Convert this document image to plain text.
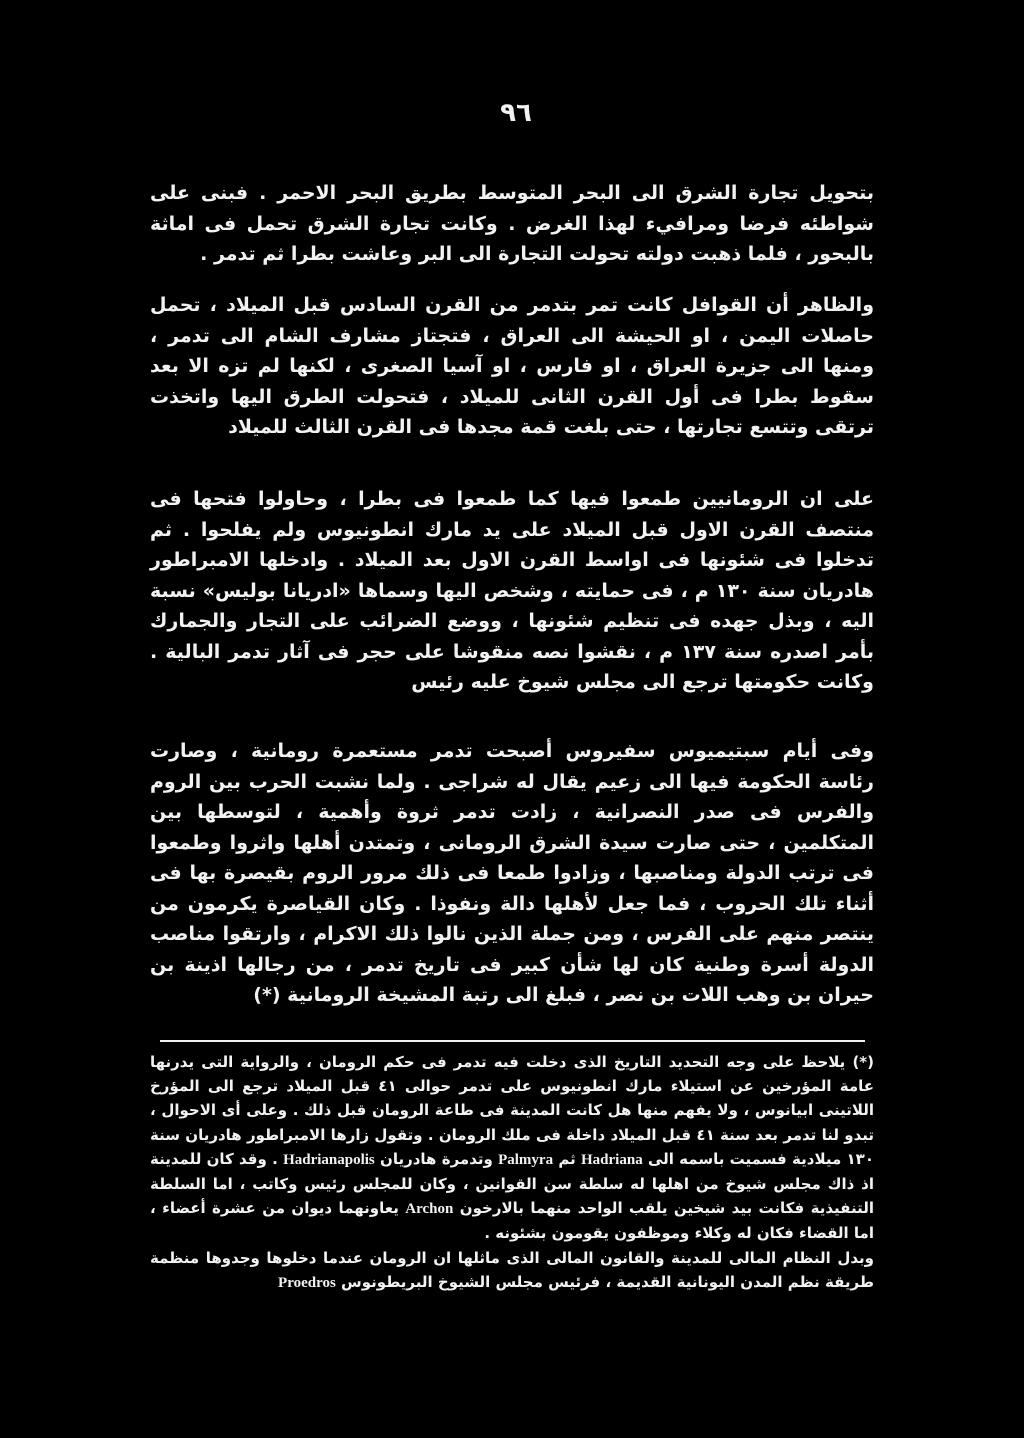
٩٦

بتحويل تجارة الشرق الى البحر المتوسط بطريق البحر الاحمر . فبنى على شواطئه فرضا ومرافيء لهذا الغرض . وكانت تجارة الشرق تحمل فى اماثة بالبحور ، فلما ذهبت دولته تحولت التجارة الى البر وعاشت بطرا ثم تدمر .

والظاهر أن القوافل كانت تمر بتدمر من القرن السادس قبل الميلاد ، تحمل حاصلات اليمن ، او الحيشة الى العراق ، فتجتاز مشارف الشام الى تدمر ، ومنها الى جزيرة العراق ، او فارس ، او آسيا الصغرى ، لكنها لم تزه الا بعد سقوط بطرا فى أول القرن الثانى للميلاد ، فتحولت الطرق اليها واتخذت ترتقى وتتسع تجارتها ، حتى بلغت قمة مجدها فى القرن الثالث للميلاد

على ان الرومانيين طمعوا فيها كما طمعوا فى بطرا ، وحاولوا فتحها فى منتصف القرن الاول قبل الميلاد على يد مارك انطونيوس ولم يفلحوا . ثم تدخلوا فى شئونها فى اواسط القرن الاول بعد الميلاد . وادخلها الامبراطور هادريان سنة ١٣٠ م ، فى حمايته ، وشخص اليها وسماها «ادريانا بوليس» نسبة اليه ، وبذل جهده فى تنظيم شئونها ، ووضع الضرائب على التجار والجمارك بأمر اصدره سنة ١٣٧ م ، نقشوا نصه منقوشا على حجر فى آثار تدمر البالية . وكانت حكومتها ترجع الى مجلس شيوخ عليه رئيس

وفى أيام سبتيميوس سفيروس أصبحت تدمر مستعمرة رومانية ، وصارت رئاسة الحكومة فيها الى زعيم يقال له شراجى . ولما نشبت الحرب بين الروم والفرس فى صدر النصرانية ، زادت تدمر ثروة وأهمية ، لتوسطها بين المتكلمين ، حتى صارت سيدة الشرق الرومانى ، وتمتدن أهلها واثروا وطمعوا فى ترتب الدولة ومناصبها ، وزادوا طمعا فى ذلك مرور الروم بقيصرة بها فى أثناء تلك الحروب ، فما جعل لأهلها دالة ونفوذا . وكان القياصرة يكرمون من ينتصر منهم على الفرس ، ومن جملة الذين نالوا ذلك الاكرام ، وارتقوا مناصب الدولة أسرة وطنية كان لها شأن كبير فى تاريخ تدمر ، من رجالها اذينة بن حيران بن وهب اللات بن نصر ، فبلغ الى رتبة المشيخة الرومانية (*)

(*) يلاحظ على وجه التحديد التاريخ الذى دخلت فيه تدمر فى حكم الرومان ، والرواية التى يدرنها عامة المؤرخين عن استيلاء مارك انطونيوس على تدمر حوالى ٤١ قبل الميلاد ترجع الى المؤرخ اللاتينى ابيانوس ، ولا يفهم منها هل كانت المدينة فى طاعة الرومان قبل ذلك . وعلى أى الاحوال ، تبدو لنا تدمر بعد سنة ٤١ قبل الميلاد داخلة فى ملك الرومان . وتقول زارها الامبراطور هادريان سنة ١٣٠ ميلادية فسميت باسمه الى Hadriana ثم Palmyra وتدمرة هادريان Hadrianapolis . وقد كان للمدينة اذ ذاك مجلس شيوخ من اهلها له سلطة سن القوانين ، وكان للمجلس رئيس وكاتب ، اما السلطة التنفيذية فكانت بيد شيخين يلقب الواحد منهما بالارخون Archon يعاونهما ديوان من عشرة أعضاء ، اما القضاء فكان له وكلاء وموظفون يقومون بشئونه .

وبدل النظام المالى للمدينة والقانون المالى الذى ماثلها ان الرومان عندما دخلوها وجدوها منظمة طريقة نظم المدن اليونانية القديمة ، فرئيس مجلس الشيوخ البريطونوس Proedros
